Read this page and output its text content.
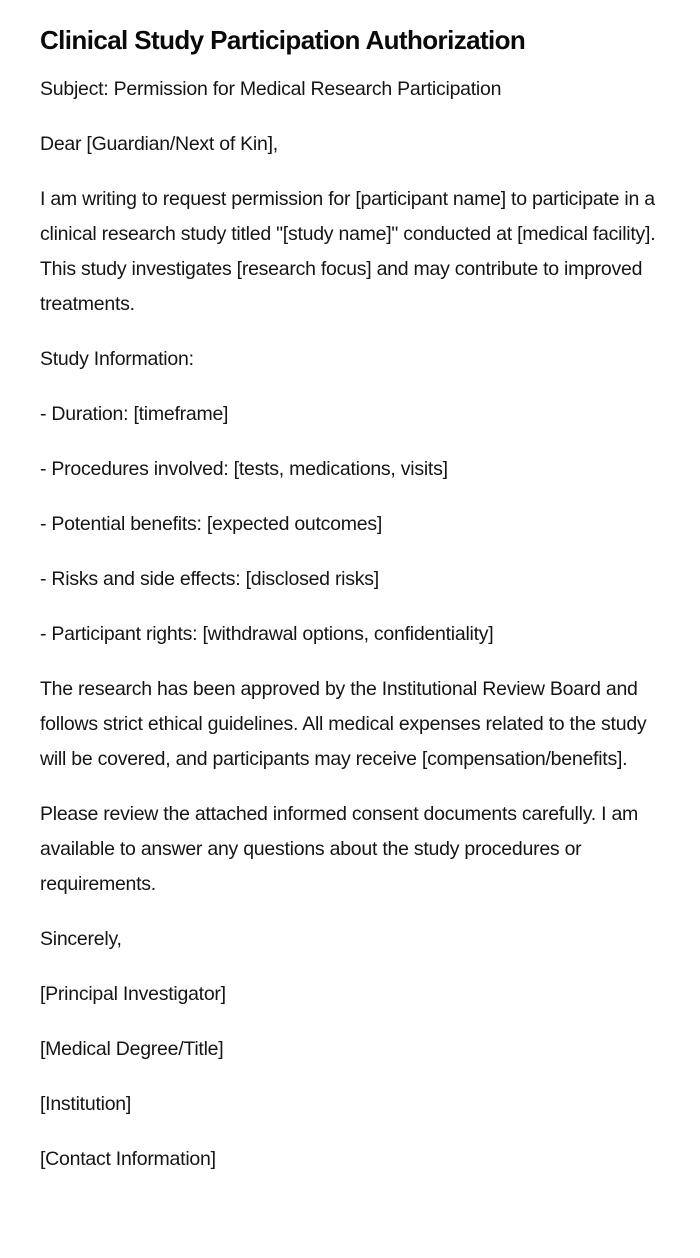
Clinical Study Participation Authorization

Subject: Permission for Medical Research Participation

Dear [Guardian/Next of Kin],

I am writing to request permission for [participant name] to participate in a clinical research study titled "[study name]" conducted at [medical facility]. This study investigates [research focus] and may contribute to improved treatments.

Study Information:

- Duration: [timeframe]

- Procedures involved: [tests, medications, visits]

- Potential benefits: [expected outcomes]

- Risks and side effects: [disclosed risks]

- Participant rights: [withdrawal options, confidentiality]

The research has been approved by the Institutional Review Board and follows strict ethical guidelines. All medical expenses related to the study will be covered, and participants may receive [compensation/benefits].

Please review the attached informed consent documents carefully. I am available to answer any questions about the study procedures or requirements.

Sincerely,

[Principal Investigator]

[Medical Degree/Title]

[Institution]

[Contact Information]
